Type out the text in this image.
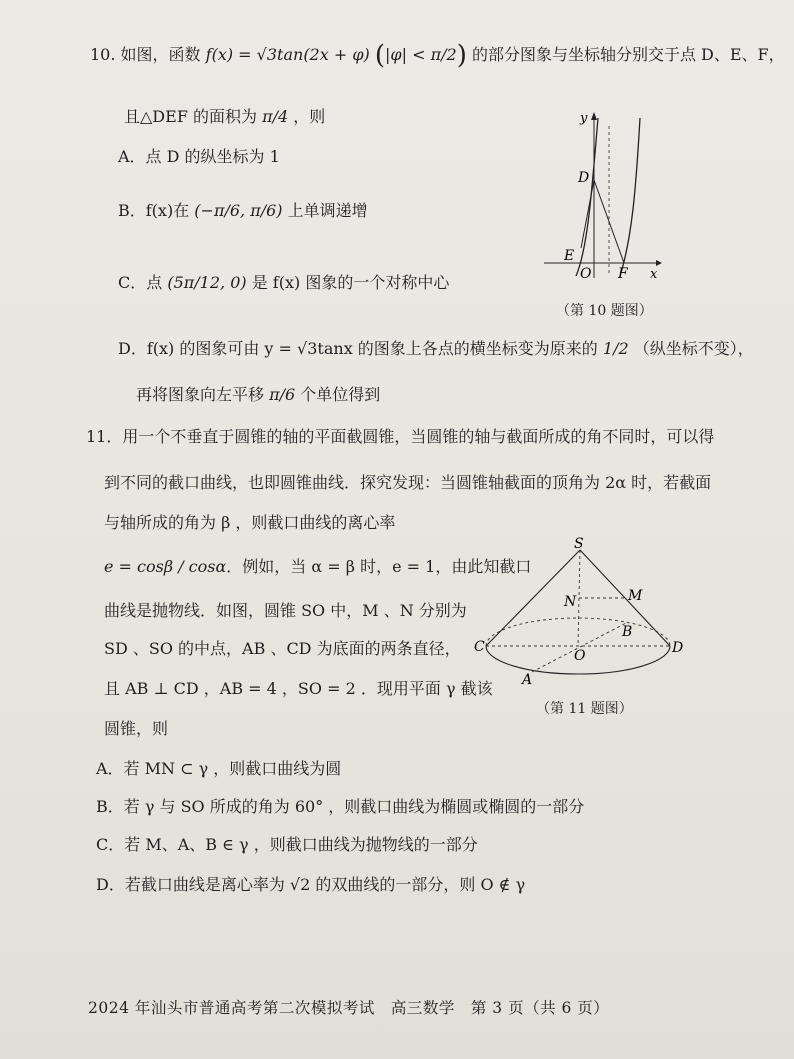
10. 如图，函数 f(x) = √3tan(2x + φ) (|φ| < π/2) 的部分图象与坐标轴分别交于点 D、E、F，
且△DEF 的面积为 π/4 ，则
A．点 D 的纵坐标为 1
B．f(x)在 (−π/6, π/6) 上单调递增
C．点 (5π/12, 0) 是 f(x) 图象的一个对称中心
D．f(x) 的图象可由 y = √3tanx 的图象上各点的横坐标变为原来的 1/2 （纵坐标不变），
再将图象向左平移 π/6 个单位得到
y
x
D
E
O F
（第 10 题图）
11．用一个不垂直于圆锥的轴的平面截圆锥，当圆锥的轴与截面所成的角不同时，可以得
到不同的截口曲线，也即圆锥曲线．探究发现：当圆锥轴截面的顶角为 2α 时，若截面
与轴所成的角为 β ，则截口曲线的离心率
e = cosβ / cosα．例如，当 α = β 时，e = 1，由此知截口
曲线是抛物线．如图，圆锥 SO 中，M 、N 分别为
SD 、SO 的中点，AB 、CD 为底面的两条直径，
且 AB ⊥ CD ，AB = 4 ，SO = 2 ．现用平面 γ 截该
圆锥，则
S
M
N
B
C
O	D
A
（第 11 题图）
A．若 MN ⊂ γ ，则截口曲线为圆
B．若 γ 与 SO 所成的角为 60° ，则截口曲线为椭圆或椭圆的一部分
C．若 M、A、B ∈ γ ，则截口曲线为抛物线的一部分
D．若截口曲线是离心率为 √2 的双曲线的一部分，则 O ∉ γ
2024 年汕头市普通高考第二次模拟考试　高三数学　第 3 页（共 6 页）
